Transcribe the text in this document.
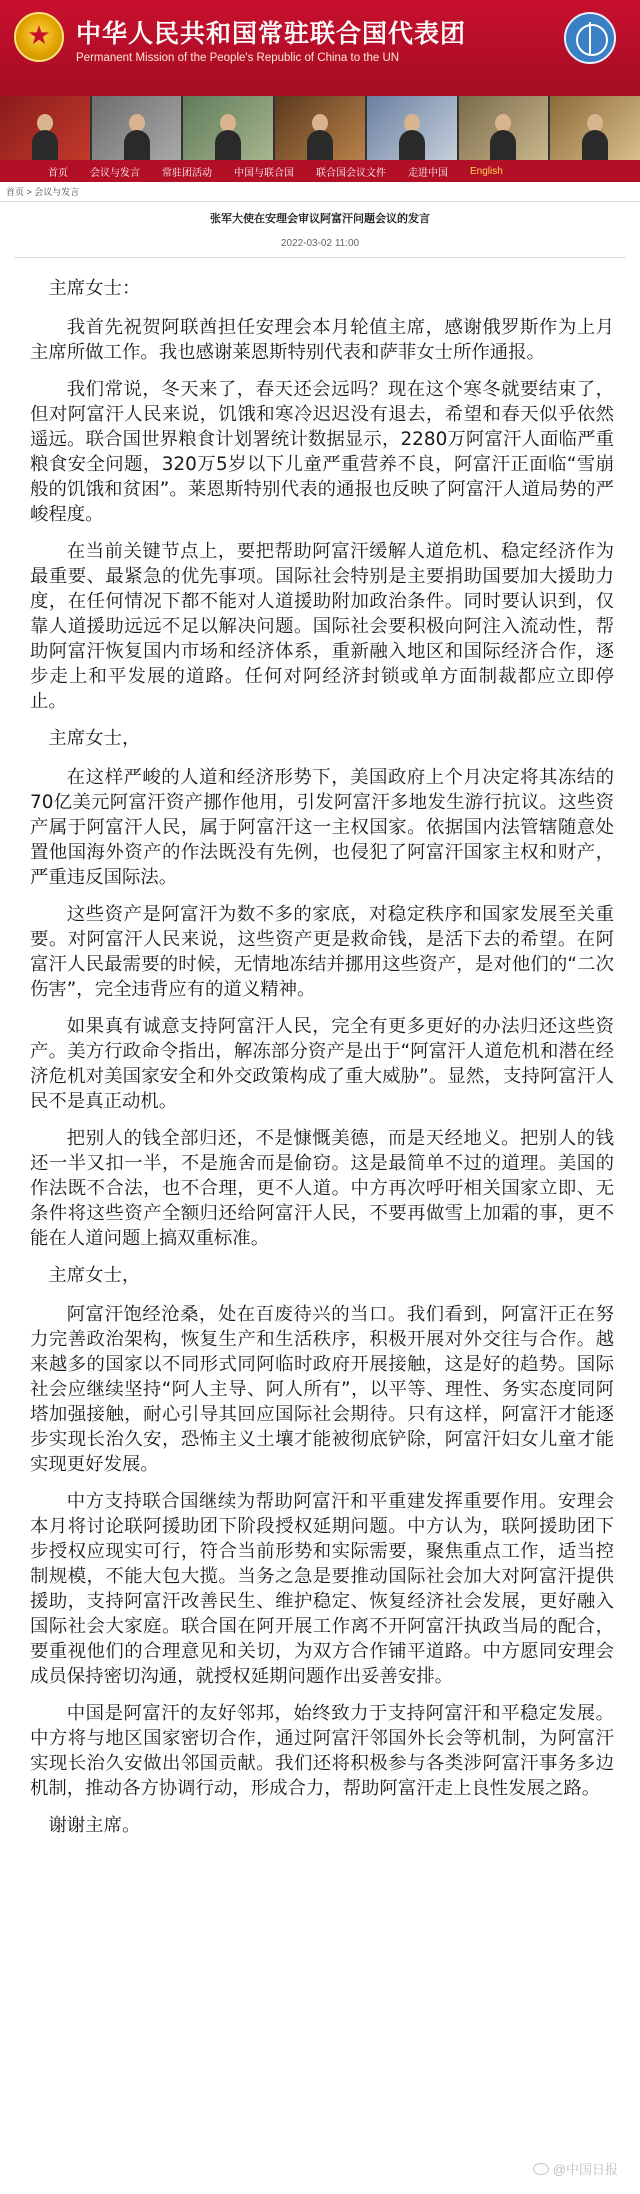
★
中华人民共和国常驻联合国代表团
Permanent Mission of the People's Republic of China to the UN
首页 会议与发言 常驻团活动 中国与联合国 联合国会议文件 走进中国 English
首页 > 会议与发言
张军大使在安理会审议阿富汗问题会议的发言
2022-03-02 11:00

主席女士：

我首先祝贺阿联酋担任安理会本月轮值主席，感谢俄罗斯作为上月主席所做工作。我也感谢莱恩斯特别代表和萨菲女士所作通报。

我们常说，冬天来了，春天还会远吗？现在这个寒冬就要结束了，但对阿富汗人民来说，饥饿和寒冷迟迟没有退去，希望和春天似乎依然遥远。联合国世界粮食计划署统计数据显示，2280万阿富汗人面临严重粮食安全问题，320万5岁以下儿童严重营养不良，阿富汗正面临“雪崩般的饥饿和贫困”。莱恩斯特别代表的通报也反映了阿富汗人道局势的严峻程度。

在当前关键节点上，要把帮助阿富汗缓解人道危机、稳定经济作为最重要、最紧急的优先事项。国际社会特别是主要捐助国要加大援助力度，在任何情况下都不能对人道援助附加政治条件。同时要认识到，仅靠人道援助远远不足以解决问题。国际社会要积极向阿注入流动性，帮助阿富汗恢复国内市场和经济体系，重新融入地区和国际经济合作，逐步走上和平发展的道路。任何对阿经济封锁或单方面制裁都应立即停止。

主席女士，

在这样严峻的人道和经济形势下，美国政府上个月决定将其冻结的70亿美元阿富汗资产挪作他用，引发阿富汗多地发生游行抗议。这些资产属于阿富汗人民，属于阿富汗这一主权国家。依据国内法管辖随意处置他国海外资产的作法既没有先例，也侵犯了阿富汗国家主权和财产，严重违反国际法。

这些资产是阿富汗为数不多的家底，对稳定秩序和国家发展至关重要。对阿富汗人民来说，这些资产更是救命钱，是活下去的希望。在阿富汗人民最需要的时候，无情地冻结并挪用这些资产，是对他们的“二次伤害”，完全违背应有的道义精神。

如果真有诚意支持阿富汗人民，完全有更多更好的办法归还这些资产。美方行政命令指出，解冻部分资产是出于“阿富汗人道危机和潜在经济危机对美国家安全和外交政策构成了重大威胁”。显然，支持阿富汗人民不是真正动机。

把别人的钱全部归还，不是慷慨美德，而是天经地义。把别人的钱还一半又扣一半，不是施舍而是偷窃。这是最简单不过的道理。美国的作法既不合法，也不合理，更不人道。中方再次呼吁相关国家立即、无条件将这些资产全额归还给阿富汗人民，不要再做雪上加霜的事，更不能在人道问题上搞双重标准。

主席女士，

阿富汗饱经沧桑，处在百废待兴的当口。我们看到，阿富汗正在努力完善政治架构，恢复生产和生活秩序，积极开展对外交往与合作。越来越多的国家以不同形式同阿临时政府开展接触，这是好的趋势。国际社会应继续坚持“阿人主导、阿人所有”，以平等、理性、务实态度同阿塔加强接触，耐心引导其回应国际社会期待。只有这样，阿富汗才能逐步实现长治久安，恐怖主义土壤才能被彻底铲除，阿富汗妇女儿童才能实现更好发展。

中方支持联合国继续为帮助阿富汗和平重建发挥重要作用。安理会本月将讨论联阿援助团下阶段授权延期问题。中方认为，联阿援助团下步授权应现实可行，符合当前形势和实际需要，聚焦重点工作，适当控制规模，不能大包大揽。当务之急是要推动国际社会加大对阿富汗提供援助，支持阿富汗改善民生、维护稳定、恢复经济社会发展，更好融入国际社会大家庭。联合国在阿开展工作离不开阿富汗执政当局的配合，要重视他们的合理意见和关切，为双方合作铺平道路。中方愿同安理会成员保持密切沟通，就授权延期问题作出妥善安排。

中国是阿富汗的友好邻邦，始终致力于支持阿富汗和平稳定发展。中方将与地区国家密切合作，通过阿富汗邻国外长会等机制，为阿富汗实现长治久安做出邻国贡献。我们还将积极参与各类涉阿富汗事务多边机制，推动各方协调行动，形成合力，帮助阿富汗走上良性发展之路。

谢谢主席。

@中国日报
